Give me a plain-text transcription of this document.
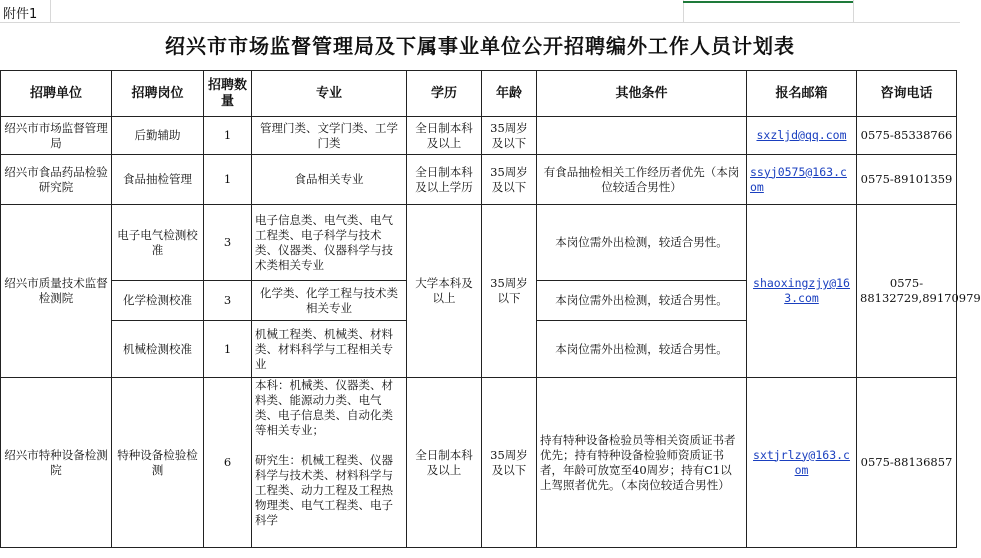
附件1
绍兴市市场监督管理局及下属事业单位公开招聘编外工作人员计划表
招聘单位	招聘岗位	招聘数量	专业	学历	年龄	其他条件	报名邮箱	咨询电话
绍兴市市场监督管理局	后勤辅助	1	管理门类、文学门类、工学门类	全日制本科及以上	35周岁及以下		sxzljd@qq.com	0575-85338766
绍兴市食品药品检验研究院	食品抽检管理	1	食品相关专业	全日制本科及以上学历	35周岁及以下	有食品抽检相关工作经历者优先（本岗位较适合男性）	ssyj0575@163.com	0575-89101359
绍兴市质量技术监督检测院	电子电气检测校准	3	电子信息类、电气类、电气工程类、电子科学与技术类、仪器类、仪器科学与技术类相关专业	大学本科及以上	35周岁以下	本岗位需外出检测，较适合男性。	shaoxingzjy@163.com	0575-88132729,89170979
	化学检测校准	3	化学类、化学工程与技术类相关专业			本岗位需外出检测，较适合男性。		
	机械检测校准	1	机械工程类、机械类、材料类、材料科学与工程相关专业			本岗位需外出检测，较适合男性。		
绍兴市特种设备检测院	特种设备检验检测	6	本科：机械类、仪器类、材料类、能源动力类、电气类、电子信息类、自动化类等相关专业；

研究生：机械工程类、仪器科学与技术类、材料科学与工程类、动力工程及工程热物理类、电气工程类、电子科学	全日制本科及以上	35周岁及以下	持有特种设备检验员等相关资质证书者优先；持有特种设备检验师资质证书者，年龄可放宽至40周岁；持有C1以上驾照者优先。（本岗位较适合男性）	sxtjrlzy@163.com	0575-88136857
